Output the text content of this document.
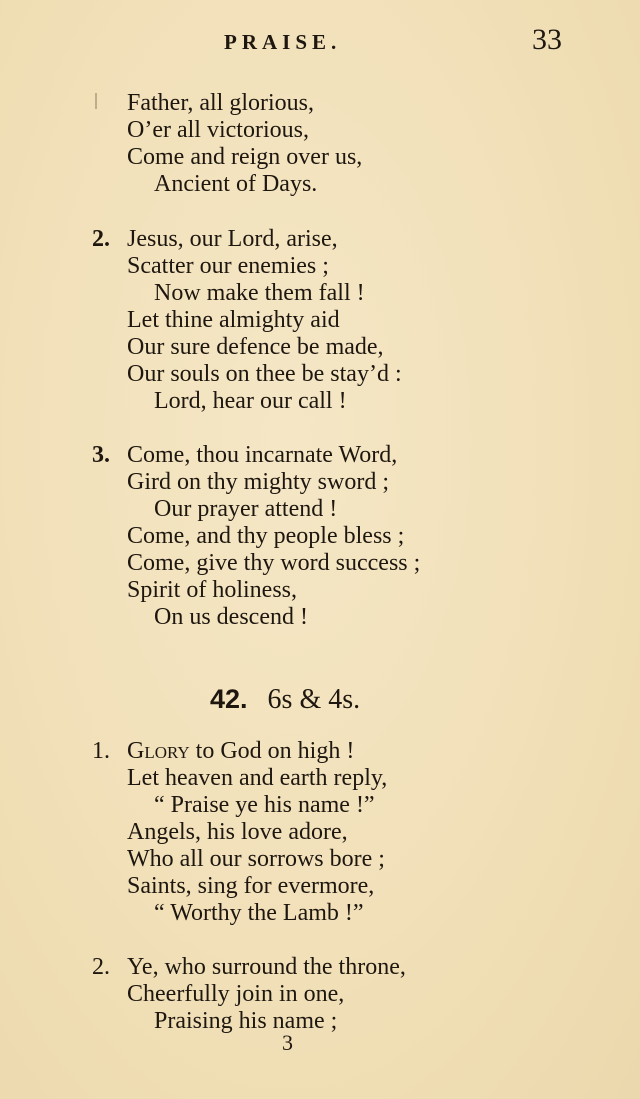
PRAISE.	33
Father, all glorious,
O’er all victorious,
Come and reign over us,
Ancient of Days.
2. Jesus, our Lord, arise,
Scatter our enemies ;
Now make them fall !
Let thine almighty aid
Our sure defence be made,
Our souls on thee be stay’d :
Lord, hear our call !
3. Come, thou incarnate Word,
Gird on thy mighty sword ;
Our prayer attend !
Come, and thy people bless ;
Come, give thy word success ;
Spirit of holiness,
On us descend !
42. 6s & 4s.
1. Glory to God on high !
Let heaven and earth reply,
“ Praise ye his name !”
Angels, his love adore,
Who all our sorrows bore ;
Saints, sing for evermore,
“ Worthy the Lamb !”
2. Ye, who surround the throne,
Cheerfully join in one,
Praising his name ;
3
